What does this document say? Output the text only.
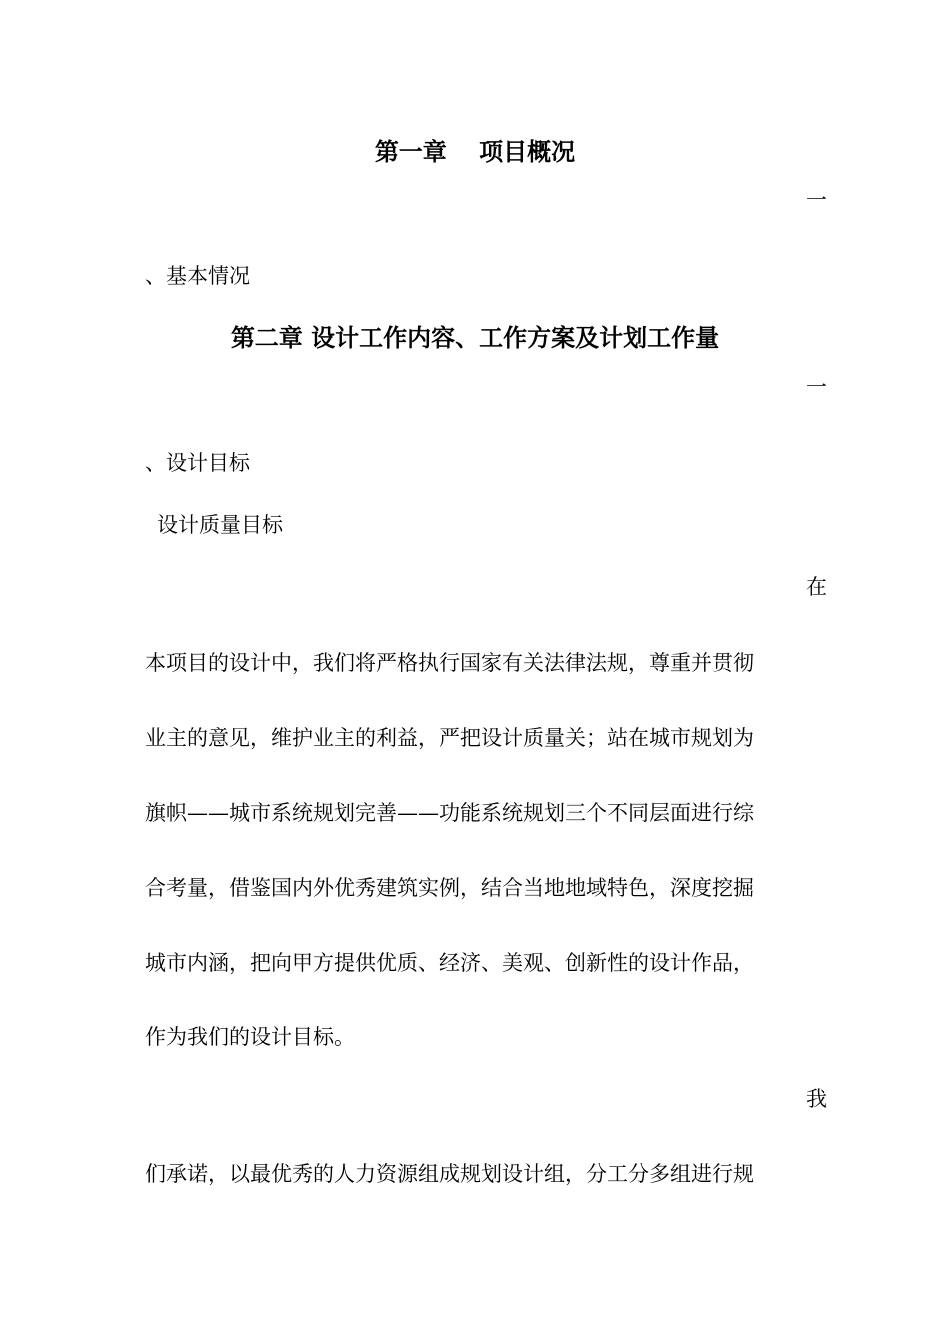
第一章　 项目概况

一

、基本情况

第二章 设计工作内容、工作方案及计划工作量

一

、设计目标

设计质量目标

在

本项目的设计中，我们将严格执行国家有关法律法规，尊重并贯彻

业主的意见，维护业主的利益，严把设计质量关；站在城市规划为

旗帜——城市系统规划完善——功能系统规划三个不同层面进行综

合考量，借鉴国内外优秀建筑实例，结合当地地域特色，深度挖掘

城市内涵，把向甲方提供优质、经济、美观、创新性的设计作品，

作为我们的设计目标。

我

们承诺，以最优秀的人力资源组成规划设计组，分工分多组进行规
